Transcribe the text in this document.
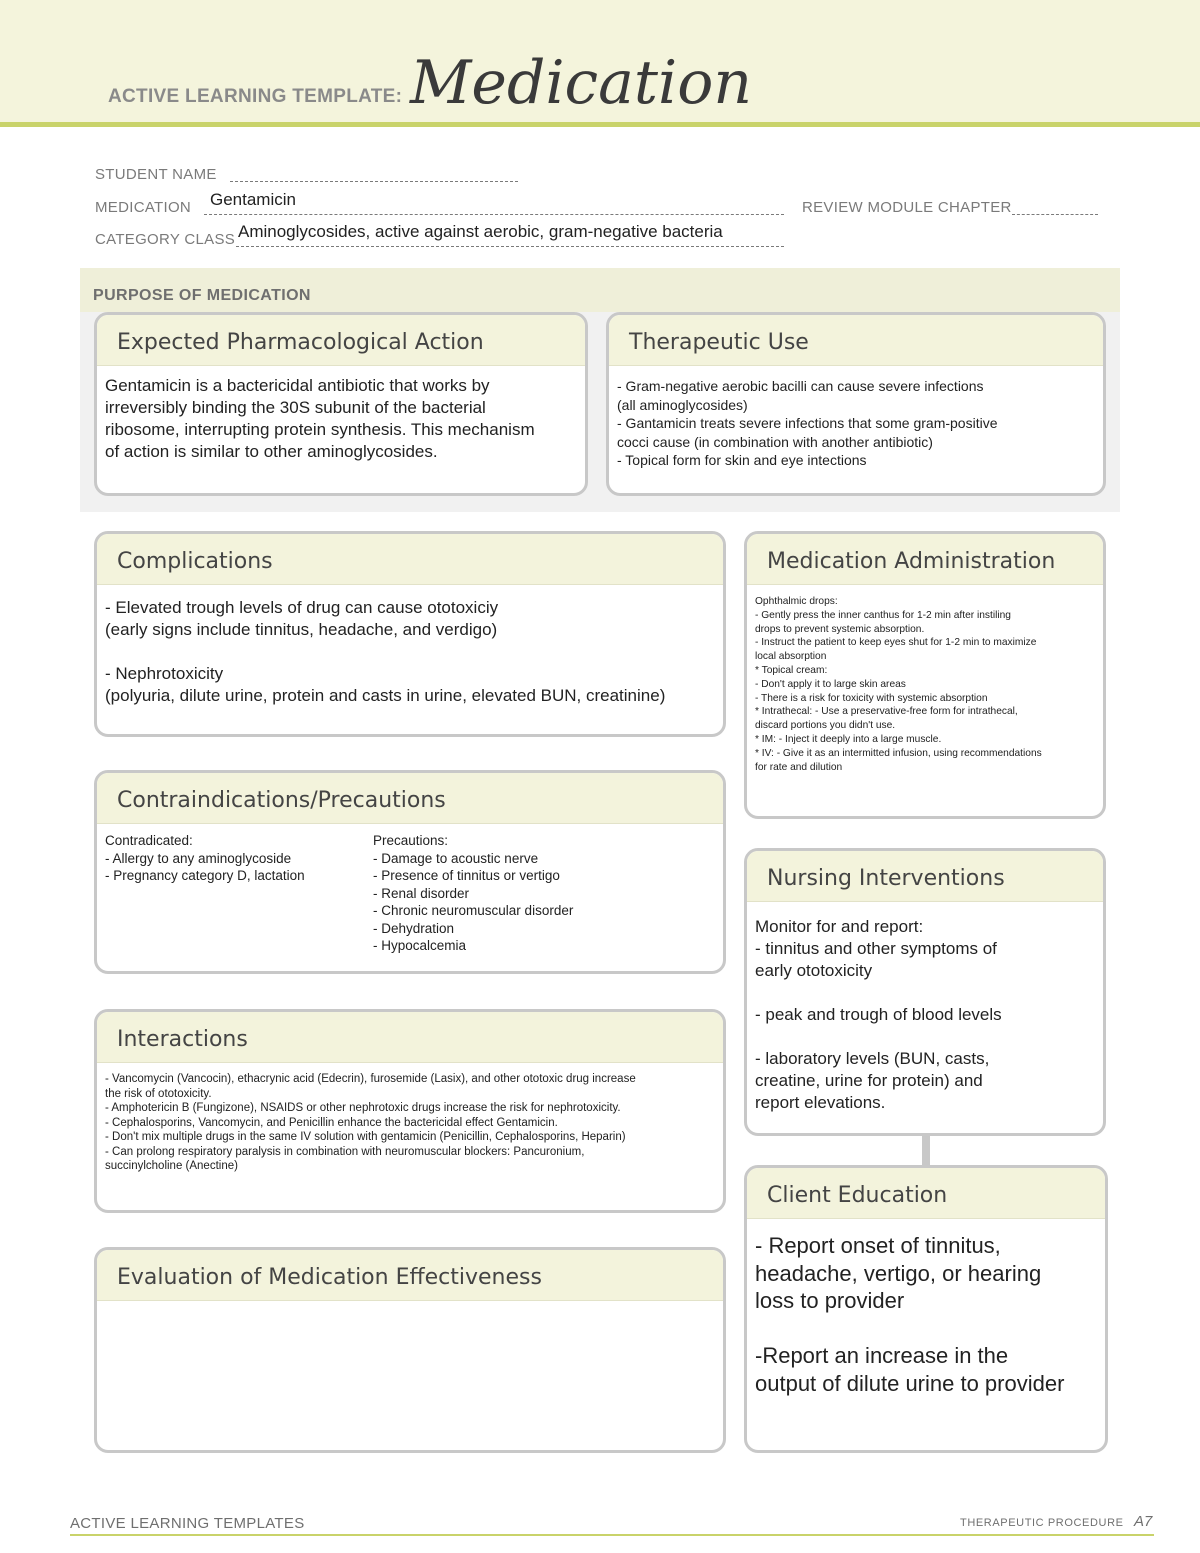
ACTIVE LEARNING TEMPLATE: Medication
STUDENT NAME
MEDICATION Gentamicin	REVIEW MODULE CHAPTER
CATEGORY CLASS Aminoglycosides, active against aerobic, gram-negative bacteria
PURPOSE OF MEDICATION
Expected Pharmacological Action
Gentamicin is a bactericidal antibiotic that works by
irreversibly binding the 30S subunit of the bacterial
ribosome, interrupting protein synthesis. This mechanism
of action is similar to other aminoglycosides.
Therapeutic Use
- Gram-negative aerobic bacilli can cause severe infections
(all aminoglycosides)
- Gantamicin treats severe infections that some gram-positive
cocci cause (in combination with another antibiotic)
- Topical form for skin and eye intections
Complications
- Elevated trough levels of drug can cause ototoxiciy
(early signs include tinnitus, headache, and verdigo)

- Nephrotoxicity
(polyuria, dilute urine, protein and casts in urine, elevated BUN, creatinine)
Medication Administration
Ophthalmic drops:
- Gently press the inner canthus for 1-2 min after instiling
drops to prevent systemic absorption.
- Instruct the patient to keep eyes shut for 1-2 min to maximize
local absorption
* Topical cream:
- Don't apply it to large skin areas
- There is a risk for toxicity with systemic absorption
* Intrathecal: - Use a preservative-free form for intrathecal,
discard portions you didn't use.
* IM: - Inject it deeply into a large muscle.
* IV: - Give it as an intermitted infusion, using recommendations
for rate and dilution
Contraindications/Precautions
Contradicated:
- Allergy to any aminoglycoside
- Pregnancy category D, lactation
Precautions:
- Damage to acoustic nerve
- Presence of tinnitus or vertigo
- Renal disorder
- Chronic neuromuscular disorder
- Dehydration
- Hypocalcemia
Nursing Interventions
Monitor for and report:
- tinnitus and other symptoms of
early ototoxicity

- peak and trough of blood levels

- laboratory levels (BUN, casts,
creatine, urine for protein) and
report elevations.
Interactions
- Vancomycin (Vancocin), ethacrynic acid (Edecrin), furosemide (Lasix), and other ototoxic drug increase
the risk of ototoxicity.
- Amphotericin B (Fungizone), NSAIDS or other nephrotoxic drugs increase the risk for nephrotoxicity.
- Cephalosporins, Vancomycin, and Penicillin enhance the bactericidal effect Gentamicin.
- Don't mix multiple drugs in the same IV solution with gentamicin (Penicillin, Cephalosporins, Heparin)
- Can prolong respiratory paralysis in combination with neuromuscular blockers: Pancuronium,
succinylcholine (Anectine)
Client Education
- Report onset of tinnitus,
headache, vertigo, or hearing
loss to provider

-Report an increase in the
output of dilute urine to provider
Evaluation of Medication Effectiveness
ACTIVE LEARNING TEMPLATES	THERAPEUTIC PROCEDURE A7
